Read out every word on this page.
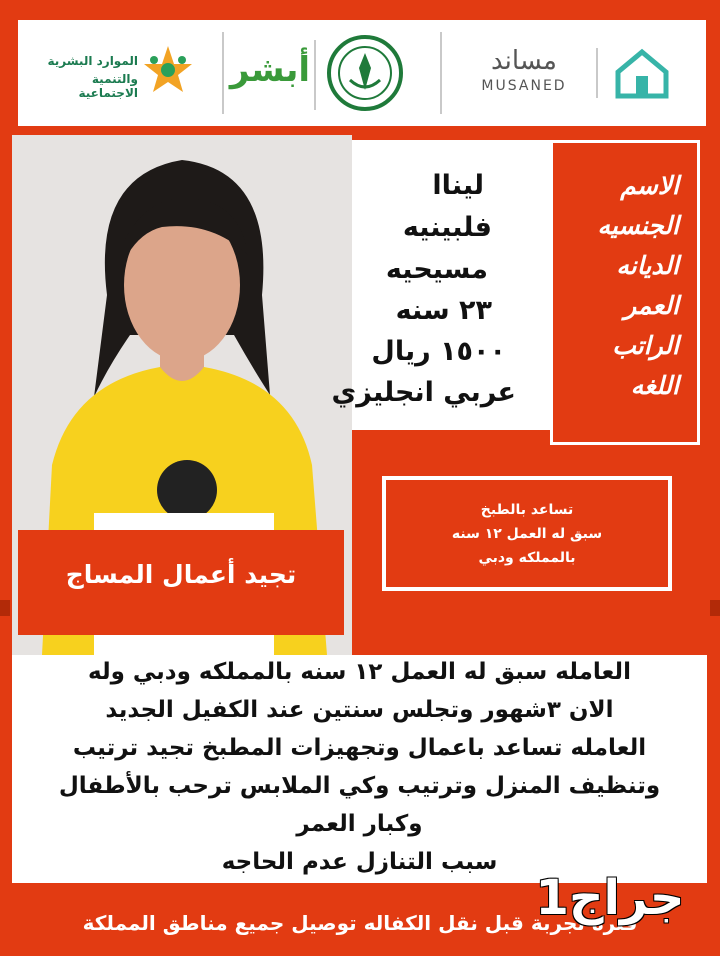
الموارد البشرية
والتنمية الاجتماعية
أبشر	مساند
MUSANED
ليناا
فلبينيه
مسيحيه
٢٣ سنه
١٥٠٠ ريال
عربي انجليزي
الاسم
الجنسيه
الديانه
العمر
الراتب
اللغه
تساعد بالطبخ
سبق له العمل ١٢ سنه
بالمملكه ودبي
تجيد أعمال المساج
العامله سبق له العمل ١٢ سنه بالمملكه ودبي وله
الان ٣شهور وتجلس سنتين عند الكفيل الجديد
العامله تساعد باعمال وتجهيزات المطبخ تجيد ترتيب
وتنظيف المنزل وترتيب وكي الملابس ترحب بالأطفال
وكبار العمر
سبب التنازل عدم الحاجه
فترة تجربة قبل نقل الكفاله توصيل جميع مناطق المملكة
جراج1
